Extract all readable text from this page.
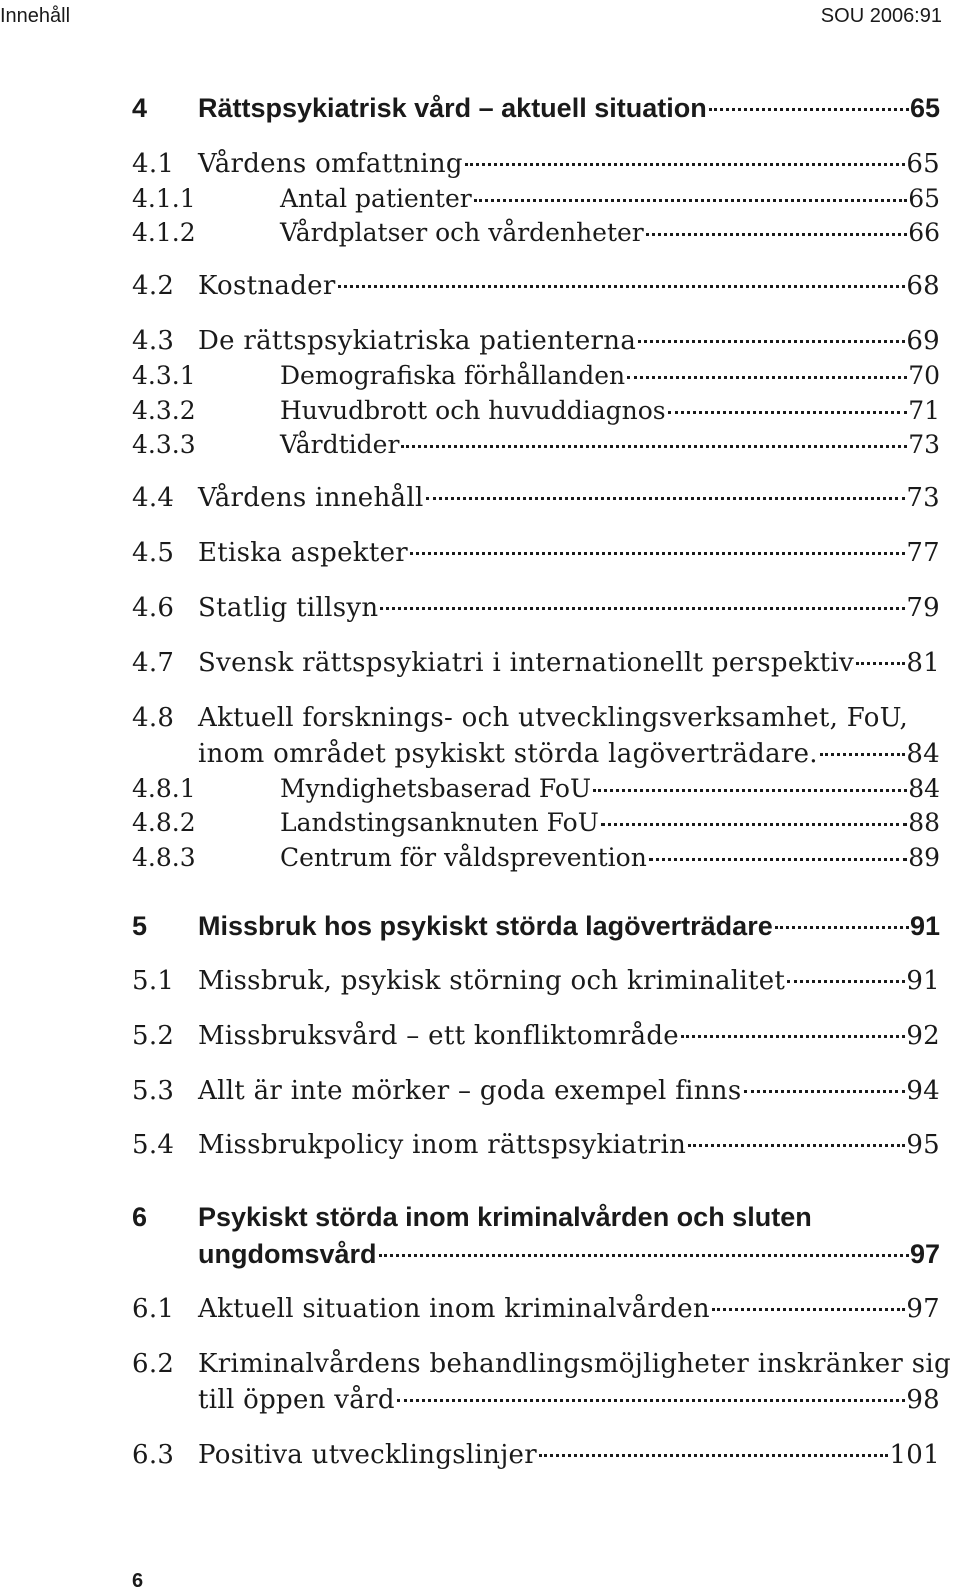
Innehåll	SOU 2006:91
4 Rättspsykiatrisk vård – aktuell situation	65
4.1 Vårdens omfattning	65
4.1.1	Antal patienter	65
4.1.2	Vårdplatser och vårdenheter	66
4.2 Kostnader	68
4.3 De rättspsykiatriska patienterna	69
4.3.1	Demografiska förhållanden	70
4.3.2	Huvudbrott och huvuddiagnos	71
4.3.3	Vårdtider	73
4.4 Vårdens innehåll	73
4.5 Etiska aspekter	77
4.6 Statlig tillsyn	79
4.7 Svensk rättspsykiatri i internationellt perspektiv 81
4.8 Aktuell forsknings- och utvecklingsverksamhet, FoU,
inom området psykiskt störda lagöverträdare.	84
4.8.1	Myndighetsbaserad FoU	84
4.8.2	Landstingsanknuten FoU	88
4.8.3	Centrum för våldsprevention	89
5 Missbruk hos psykiskt störda lagöverträdare	91
5.1 Missbruk, psykisk störning och kriminalitet	91
5.2 Missbruksvård – ett konfliktområde	92
5.3 Allt är inte mörker – goda exempel finns	94
5.4 Missbrukpolicy inom rättspsykiatrin	95
6 Psykiskt störda inom kriminalvården och sluten
ungdomsvård	97
6.1 Aktuell situation inom kriminalvården	97
6.2 Kriminalvårdens behandlingsmöjligheter inskränker sig
till öppen vård	98
6.3 Positiva utvecklingslinjer	101
6
